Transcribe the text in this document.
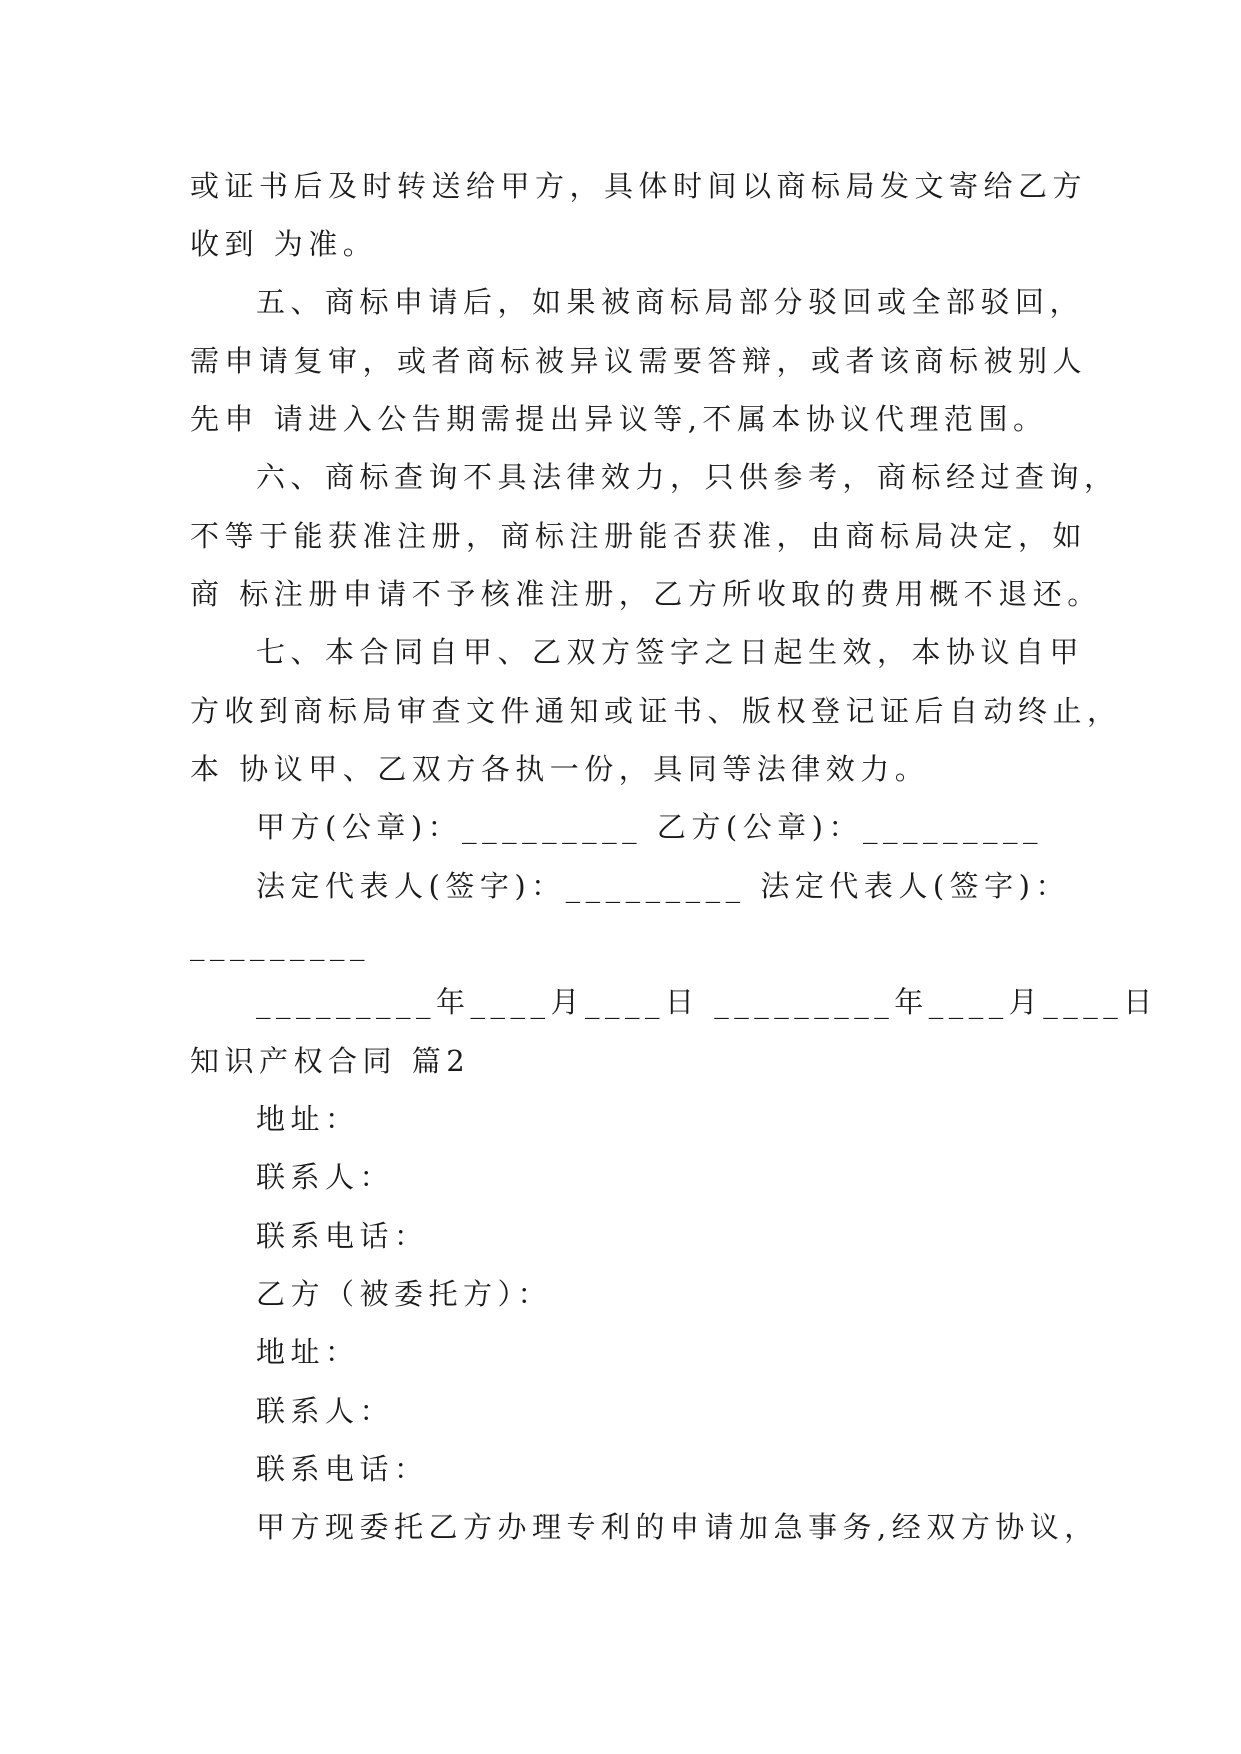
或证书后及时转送给甲方，具体时间以商标局发文寄给乙方
收到 为准。
五、商标申请后，如果被商标局部分驳回或全部驳回，
需申请复审，或者商标被异议需要答辩，或者该商标被别人
先申 请进入公告期需提出异议等,不属本协议代理范围。
六、商标查询不具法律效力，只供参考，商标经过查询，
不等于能获准注册，商标注册能否获准，由商标局决定，如
商 标注册申请不予核准注册，乙方所收取的费用概不退还。
七、本合同自甲、乙双方签字之日起生效，本协议自甲
方收到商标局审查文件通知或证书、版权登记证后自动终止，
本 协议甲、乙双方各执一份，具同等法律效力。
甲方(公章)：_________ 乙方(公章)：_________
法定代表人(签字)：_________ 法定代表人(签字)：
_________
_________年____月____日 _________年____月____日
知识产权合同 篇2
地址：
联系人：
联系电话：
乙方（被委托方）：
地址：
联系人：
联系电话：
甲方现委托乙方办理专利的申请加急事务,经双方协议，
